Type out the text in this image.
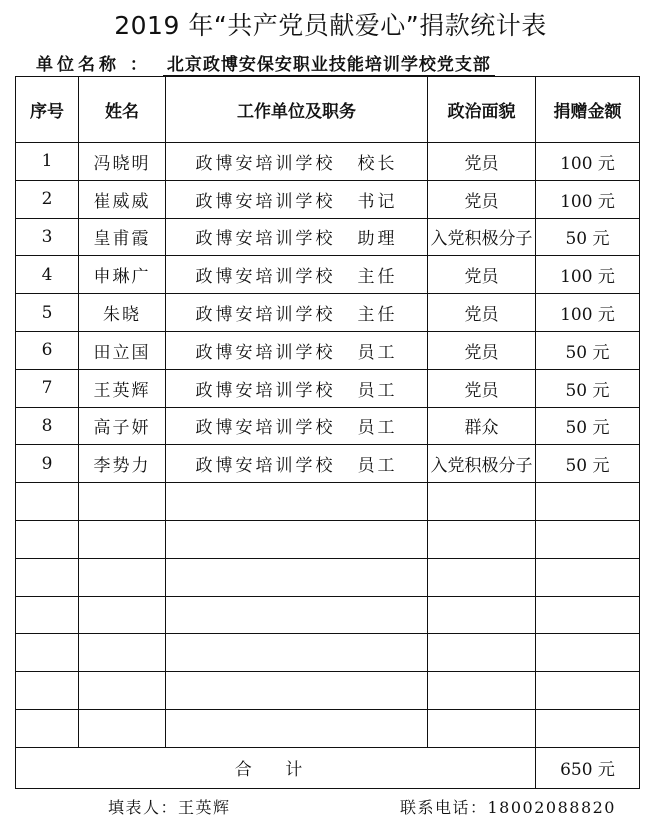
2019 年“共产党员献爱心”捐款统计表
单位名称 ： 北京政博安保安职业技能培训学校党支部
序号	姓名	工作单位及职务	政治面貌	捐赠金额
1	冯晓明	政博安培训学校 校长	党员	100 元
2	崔威威	政博安培训学校 书记	党员	100 元
3	皇甫霞	政博安培训学校 助理	入党积极分子	50 元
4	申琳广	政博安培训学校 主任	党员	100 元
5	朱晓	政博安培训学校 主任	党员	100 元
6	田立国	政博安培训学校 员工	党员	50 元
7	王英辉	政博安培训学校 员工	党员	50 元
8	高子妍	政博安培训学校 员工	群众	50 元
9	李势力	政博安培训学校 员工	入党积极分子	50 元

合 计				650 元
填表人：王英辉	联系电话：18002088820
